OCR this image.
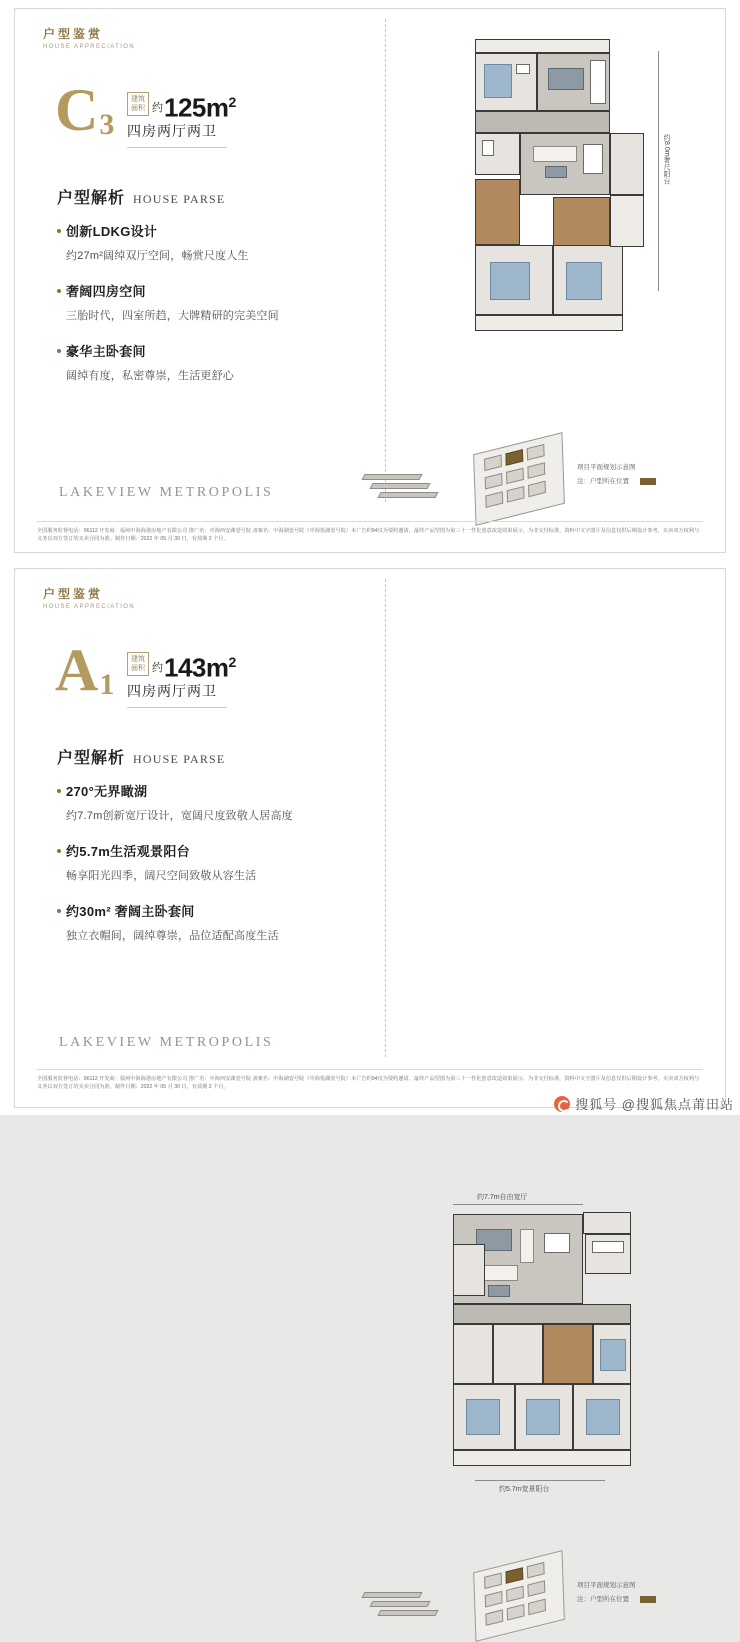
户型鉴赏
HOUSE APPRECIATION
$C_3$
建筑
面积 约 $125m^2$
四房两厅两卫
户型解析 HOUSE PARSE
创新LDKG设计
约27m²阔绰双厅空间，畅赏尺度人生
奢阔四房空间
三胎时代，四室所趋，大牌精研的完美空间
豪华主卧套间
阔绰有度，私密尊崇，生活更舒心
LAKEVIEW METROPOLIS
约8.0m奢尺阳台
项目平面规划示意图
注：户型所在位置
全国服务监督电话：96112 开发商：福州中海海港房地产有限公司 推广名：中海西安湖壹号院 备案名：中海湖壹号院（中海悦湖壹号院）本广告约94仅为要约邀请，最终产品型图为第三十一性化创意改造效果展示，为非交付标准，资料中文字图片及信息仅供后期设计参考，买卖双方权利与义务以双方签订的买卖合同为准。制作日期：2022 年 05 月 30 日，有效期 2 个月。
户型鉴赏
HOUSE APPRECIATION
$A_1$
建筑
面积 约 $143m^2$
四房两厅两卫
户型解析 HOUSE PARSE
270°无界瞰湖
约7.7m创新宽厅设计，宽阔尺度致敬人居高度
约5.7m生活观景阳台
畅享阳光四季，阔尺空间致敬从容生活
约30m² 奢阔主卧套间
独立衣帽间，阔绰尊崇，品位适配高度生活
LAKEVIEW METROPOLIS
约7.7m自由宽厅
约5.7m宽景阳台
项目平面规划示意图
注：户型所在位置
全国服务监督电话：96112 开发商：福州中海海港房地产有限公司 推广名：中海西安湖壹号院 备案名：中海湖壹号院（中海悦湖壹号院）本广告约94仅为要约邀请，最终产品型图为第三十一性化创意改造效果展示，为非交付标准，资料中文字图片及信息仅供后期设计参考，买卖双方权利与义务以双方签订的买卖合同为准。制作日期：2022 年 05 月 30 日，有效期 2 个月。
搜狐号 @搜狐焦点莆田站
